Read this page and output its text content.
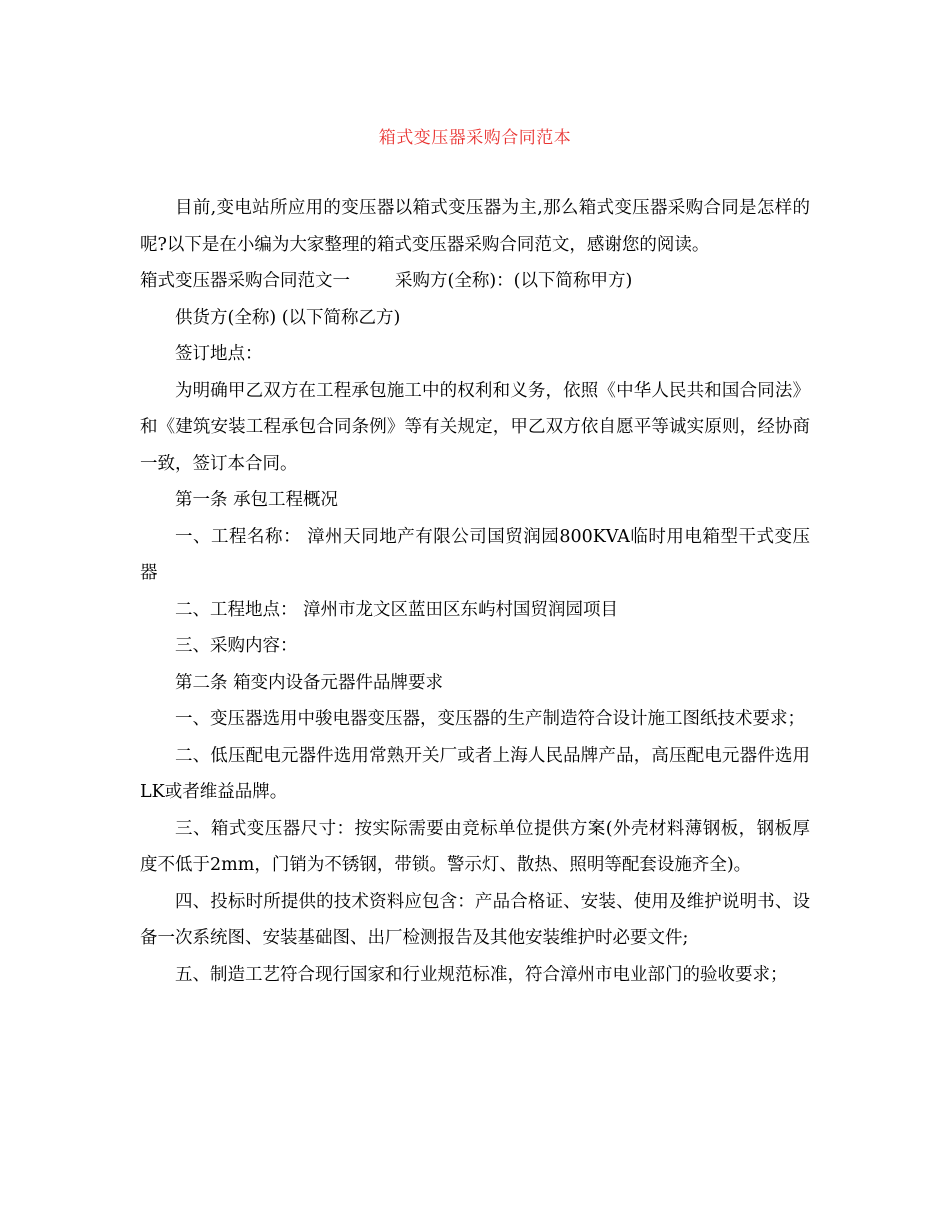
箱式变压器采购合同范本

目前,变电站所应用的变压器以箱式变压器为主,那么箱式变压器采购合同是怎样的呢?以下是在小编为大家整理的箱式变压器采购合同范文，感谢您的阅读。

箱式变压器采购合同范文一	采购方(全称)：(以下简称甲方)

供货方(全称) (以下简称乙方)

签订地点：

为明确甲乙双方在工程承包施工中的权利和义务，依照《中华人民共和国合同法》和《建筑安装工程承包合同条例》等有关规定，甲乙双方依自愿平等诚实原则，经协商一致，签订本合同。

第一条 承包工程概况

一、工程名称： 漳州天同地产有限公司国贸润园800KVA临时用电箱型干式变压器

二、工程地点： 漳州市龙文区蓝田区东屿村国贸润园项目

三、采购内容：

第二条 箱变内设备元器件品牌要求

一、变压器选用中骏电器变压器，变压器的生产制造符合设计施工图纸技术要求；

二、低压配电元器件选用常熟开关厂或者上海人民品牌产品，高压配电元器件选用LK或者维益品牌。

三、箱式变压器尺寸：按实际需要由竞标单位提供方案(外壳材料薄钢板，钢板厚度不低于2mm，门销为不锈钢，带锁。警示灯、散热、照明等配套设施齐全)。

四、投标时所提供的技术资料应包含：产品合格证、安装、使用及维护说明书、设备一次系统图、安装基础图、出厂检测报告及其他安装维护时必要文件;

五、制造工艺符合现行国家和行业规范标准，符合漳州市电业部门的验收要求；
